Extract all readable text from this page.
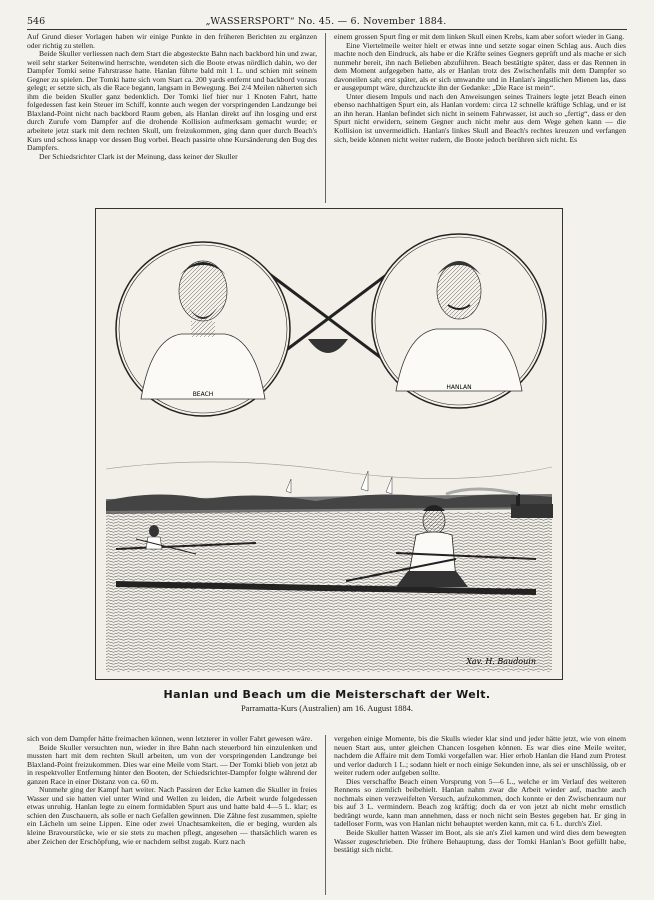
546	„WASSERSPORT“ No. 45. — 6. November 1884.

Auf Grund dieser Vorlagen haben wir einige Punkte in den früheren Berichten zu ergänzen oder richtig zu stellen.

Beide Skuller verliessen nach dem Start die abgesteckte Bahn nach backbord hin und zwar, weil sehr starker Seitenwind herrschte, wendeten sich die Boote etwas nördlich dahin, wo der Dampfer Tomki seine Fahrstrasse hatte. Hanlan führte bald mit 1 L. und schien mit seinem Gegner zu spielen. Der Tomki hatte sich vom Start ca. 200 yards entfernt und backbord voraus gelegt; er setzte sich, als die Race begann, langsam in Bewegung. Bei 2/4 Meilen näherten sich ihm die beiden Skuller ganz bedenklich. Der Tomki lief hier nur 1 Knoten Fahrt, hatte folgedessen fast kein Steuer im Schiff, konnte auch wegen der vorspringenden Landzunge bei Blaxland-Point nicht nach backbord Raum geben, als Hanlan direkt auf ihn losging und erst durch Zurufe vom Dampfer auf die drohende Kollision aufmerksam gemacht wurde; er arbeitete jetzt stark mit dem rechten Skull, um freizukommen, ging dann quer durch Beach's Kurs und schoss knapp vor dessen Bug vorbei. Beach passirte ohne Kursänderung den Bug des Dampfers.

Der Schiedsrichter Clark ist der Meinung, dass keiner der Skuller

einem grossen Spurt fing er mit dem linken Skull einen Krebs, kam aber sofort wieder in Gang.

Eine Viertelmeile weiter hielt er etwas inne und setzte sogar einen Schlag aus. Auch dies machte noch den Eindruck, als habe er die Kräfte seines Gegners geprüft und als mache er sich nunmehr bereit, ihn nach Belieben abzuführen. Beach bestätigte später, dass er das Rennen in dem Moment aufgegeben hatte, als er Hanlan trotz des Zwischenfalls mit dem Dampfer so davoneilen sah; erst später, als er sich umwandte und in Hanlan's ängstlichen Mienen las, dass er ausgepumpt wäre, durchzuckte ihn der Gedanke: „Die Race ist mein“.

Unter diesem Impuls und nach den Anweisungen seines Trainers legte jetzt Beach einen ebenso nachhaltigen Spurt ein, als Hanlan vordem: circa 12 schnelle kräftige Schlag, und er ist an ihn heran. Hanlan befindet sich nicht in seinem Fahrwasser, ist auch so „fertig“, dass er den Spurt nicht erwidern, seinem Gegner auch nicht mehr aus dem Wege gehen kann — die Kollision ist unvermeidlich. Hanlan's linkes Skull and Beach's rechtes kreuzen und verfangen sich, beide können nicht weiter rudern, die Boote jedoch berühren sich nicht. Es

BEACH
HANLAN
Xav. H. Baudouin
Hanlan und Beach um die Meisterschaft der Welt.
Parramatta-Kurs (Australien) am 16. August 1884.

sich von dem Dampfer hätte freimachen können, wenn letzterer in voller Fahrt gewesen wäre.

Beide Skuller versuchten nun, wieder in ihre Bahn nach steuerbord hin einzulenken und mussten hart mit dem rechten Skull arbeiten, um von der vorspringenden Landzunge bei Blaxland-Point freizukommen. Dies war eine Meile vom Start. — Der Tomki blieb von jetzt ab in respektvoller Entfernung hinter den Booten, der Schiedsrichter-Dampfer folgte während der ganzen Race in einer Distanz von ca. 60 m.

Nunmehr ging der Kampf hart weiter. Nach Passiren der Ecke kamen die Skuller in freies Wasser und sie hatten viel unter Wind und Wellen zu leiden, die Arbeit wurde folgedessen etwas unruhig. Hanlan legte zu einem formidablen Spurt aus und hatte bald 4—5 L. klar; es schien den Zuschauern, als solle er nach Gefallen gewinnen. Die Zähne fest zusammen, spielte ein Lächeln um seine Lippen. Eine oder zwei Unachtsamkeiten, die er beging, wurden als kleine Bravourstücke, wie er sie stets zu machen pflegt, angesehen — thatsächlich waren es aber Zeichen der Erschöpfung, wie er nachdem selbst zugab. Kurz nach

vergehen einige Momente, bis die Skulls wieder klar sind und jeder hätte jetzt, wie von einem neuen Start aus, unter gleichen Chancen losgehen können. Es war dies eine Meile weiter, nachdem die Affaire mit dem Tomki vorgefallen war. Hier erhob Hanlan die Hand zum Protest und verlor dadurch 1 L.; sodann hielt er noch einige Sekunden inne, als sei er unschlüssig, ob er weiter rudern oder aufgeben sollte.

Dies verschaffte Beach einen Vorsprung von 5—6 L., welche er im Verlauf des weiteren Rennens so ziemlich beibehielt. Hanlan nahm zwar die Arbeit wieder auf, machte auch nochmals einen verzweifelten Versuch, aufzukommen, doch konnte er den Zwischenraum nur bis auf 3 L. vermindern. Beach zog kräftig; doch da er von jetzt ab nicht mehr ernstlich bedrängt wurde, kann man annehmen, dass er noch nicht sein Bestes gegeben hat. Er ging in tadelloser Form, was von Hanlan nicht behauptet werden kann, mit ca. 6 L. durch's Ziel.

Beide Skuller hatten Wasser im Boot, als sie an's Ziel kamen und wird dies dem bewegten Wasser zugeschrieben. Die frühere Behauptung, dass der Tomki Hanlan's Boot gefüllt habe, bestätigt sich nicht.
